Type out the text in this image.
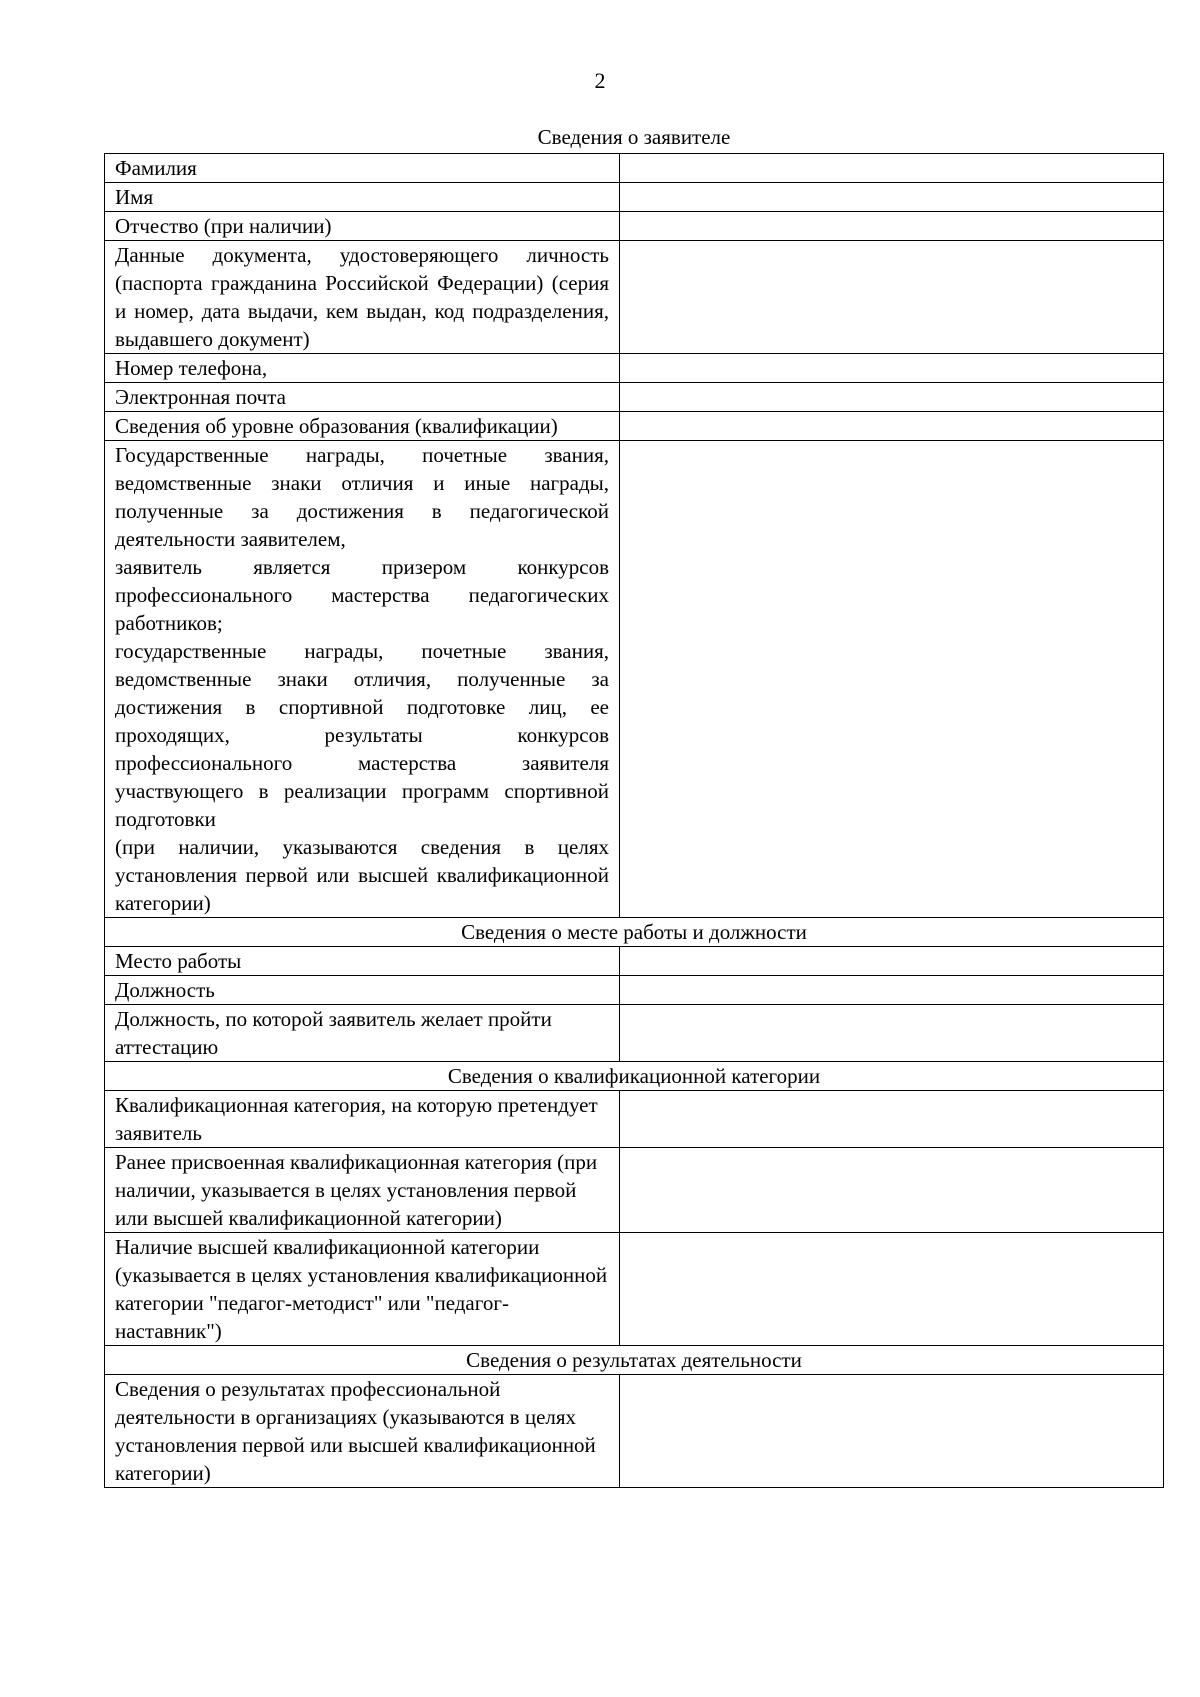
2
Сведения о заявителе
Фамилия	
Имя	
Отчество (при наличии)	
Данные документа, удостоверяющего личность (паспорта гражданина Российской Федерации) (серия и номер, дата выдачи, кем выдан, код подразделения, выдавшего документ)	
Номер телефона,	
Электронная почта	
Сведения об уровне образования (квалификации)	

Государственные награды, почетные звания, ведомственные знаки отличия и иные награды, полученные за достижения в педагогической деятельности заявителем,

заявитель является призером конкурсов профессионального мастерства педагогических работников;

государственные награды, почетные звания, ведомственные знаки отличия, полученные за достижения в спортивной подготовке лиц, ее проходящих, результаты конкурсов профессионального мастерства заявителя участвующего в реализации программ спортивной подготовки

(при наличии, указываются сведения в целях установления первой или высшей квалификационной категории)	

Сведения о месте работы и должности	
Место работы	
Должность	
Должность, по которой заявитель желает пройти аттестацию	
Сведения о квалификационной категории	
Квалификационная категория, на которую претендует заявитель	
Ранее присвоенная квалификационная категория (при наличии, указывается в целях установления первой или высшей квалификационной категории)	
Наличие высшей квалификационной категории (указывается в целях установления квалификационной категории "педагог-методист" или "педагог-наставник")	
Сведения о результатах деятельности	
Сведения о результатах профессиональной деятельности в организациях (указываются в целях установления первой или высшей квалификационной категории)	
